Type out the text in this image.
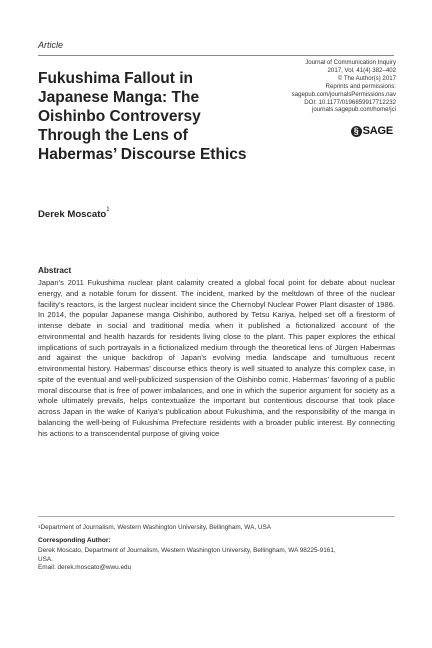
Article
Fukushima Fallout in Japanese Manga: The Oishinbo Controversy Through the Lens of Habermas’ Discourse Ethics
Journal of Communication Inquiry
2017, Vol. 41(4) 382–402
© The Author(s) 2017
Reprints and permissions:
sagepub.com/journalsPermissions.nav
DOI: 10.1177/0196859917712232
journals.sagepub.com/home/jci
§ SAGE
Derek Moscato$^1$
Abstract

Japan’s 2011 Fukushima nuclear plant calamity created a global focal point for debate about nuclear energy, and a notable forum for dissent. The incident, marked by the meltdown of three of the nuclear facility’s reactors, is the largest nuclear incident since the Chernobyl Nuclear Power Plant disaster of 1986. In 2014, the popular Japanese manga Oishinbo, authored by Tetsu Kariya, helped set off a firestorm of intense debate in social and traditional media when it published a fictionalized account of the environmental and health hazards for residents living close to the plant. This paper explores the ethical implications of such portrayals in a fictionalized medium through the theoretical lens of Jürgen Habermas and against the unique backdrop of Japan’s evolving media landscape and tumultuous recent environmental history. Habermas’ discourse ethics theory is well situated to analyze this complex case, in spite of the eventual and well-publicized suspension of the Oishinbo comic. Habermas’ favoring of a public moral discourse that is free of power imbalances, and one in which the superior argument for society as a whole ultimately prevails, helps contextualize the important but contentious discourse that took place across Japan in the wake of Kariya’s publication about Fukushima, and the responsibility of the manga in balancing the well-being of Fukushima Prefecture residents with a broader public interest. By connecting his actions to a transcendental purpose of giving voice

$^1$Department of Journalism, Western Washington University, Bellingham, WA, USA
Corresponding Author:
Derek Moscato, Department of Journalism, Western Washington University, Bellingham, WA 98225-9161, USA.
Email: derek.moscato@wwu.edu
